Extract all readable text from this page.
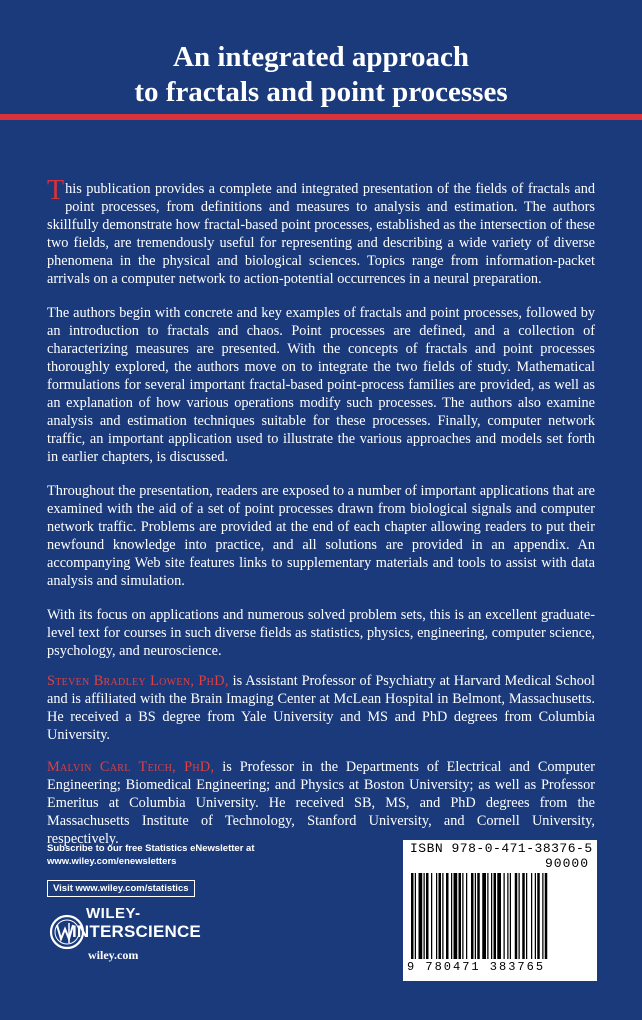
An integrated approach
to fractals and point processes

This publication provides a complete and integrated presentation of the fields of fractals and point processes, from definitions and measures to analysis and estimation. The authors skillfully demonstrate how fractal-based point processes, established as the intersection of these two fields, are tremendously useful for representing and describing a wide variety of diverse phenomena in the physical and biological sciences. Topics range from information-packet arrivals on a computer network to action-potential occurrences in a neural preparation.

The authors begin with concrete and key examples of fractals and point processes, followed by an introduction to fractals and chaos. Point processes are defined, and a collection of characterizing measures are presented. With the concepts of fractals and point processes thoroughly explored, the authors move on to integrate the two fields of study. Mathematical formulations for several important fractal-based point-process families are provided, as well as an explanation of how various operations modify such processes. The authors also examine analysis and estimation techniques suitable for these processes. Finally, computer network traffic, an important application used to illustrate the various approaches and models set forth in earlier chapters, is discussed.

Throughout the presentation, readers are exposed to a number of important applications that are examined with the aid of a set of point processes drawn from biological signals and computer network traffic. Problems are provided at the end of each chapter allowing readers to put their newfound knowledge into practice, and all solutions are provided in an appendix. An accompanying Web site features links to supplementary materials and tools to assist with data analysis and simulation.

With its focus on applications and numerous solved problem sets, this is an excellent graduate-level text for courses in such diverse fields as statistics, physics, engineering, computer science, psychology, and neuroscience.

Steven Bradley Lowen, PhD, is Assistant Professor of Psychiatry at Harvard Medical School and is affiliated with the Brain Imaging Center at McLean Hospital in Belmont, Massachusetts. He received a BS degree from Yale University and MS and PhD degrees from Columbia University.

Malvin Carl Teich, PhD, is Professor in the Departments of Electrical and Computer Engineering; Biomedical Engineering; and Physics at Boston University; as well as Professor Emeritus at Columbia University. He received SB, MS, and PhD degrees from the Massachusetts Institute of Technology, Stanford University, and Cornell University, respectively.

Subscribe to our free Statistics eNewsletter at
www.wiley.com/enewsletters
Visit www.wiley.com/statistics
WILEY-
INTERSCIENCE
wiley.com
ISBN 978-0-471-38376-5
90000
9 780471 383765
